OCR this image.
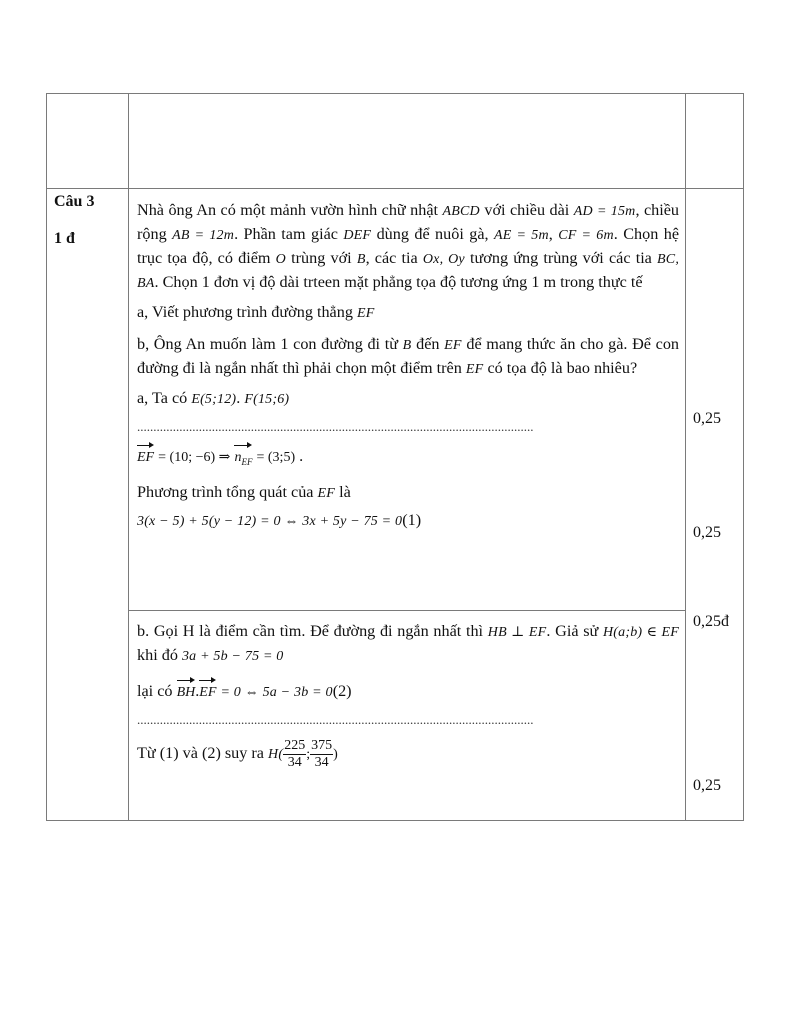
Câu 3
1 đ

Nhà ông An có một mảnh vườn hình chữ nhật ABCD với chiều dài AD = 15m, chiều rộng AB = 12m. Phần tam giác DEF dùng để nuôi gà, AE = 5m, CF = 6m. Chọn hệ trục tọa độ, có điểm O trùng với B, các tia Ox, Oy tương ứng trùng với các tia BC, BA. Chọn 1 đơn vị độ dài trteen mặt phẳng tọa độ tương ứng 1 m trong thực tế

a, Viết phương trình đường thẳng EF

b, Ông An muốn làm 1 con đường đi từ B đến EF để mang thức ăn cho gà. Để con đường đi là ngắn nhất thì phải chọn một điểm trên EF có tọa độ là bao nhiêu?

a, Ta có E(5;12). F(15;6)

..........................................................................................................................

EF = (10; −6) ⇒ $n_{EF}$ = (3;5) .

Phương trình tổng quát của EF là

3(x − 5) + 5(y − 12) = 0 ⇔ 3x + 5y − 75 = 0(1)

b. Gọi H là điểm cần tìm. Để đường đi ngắn nhất thì HB ⊥ EF. Giả sử H(a;b) ∈ EF khi đó 3a + 5b − 75 = 0

lại có BH.EF = 0 ⇔ 5a − 3b = 0(2)

..........................................................................................................................

Từ (1) và (2) suy ra $H( \frac{225}{34}$ ; $\frac{375}{34}$ )

0,25
0,25
0,25đ
0,25
